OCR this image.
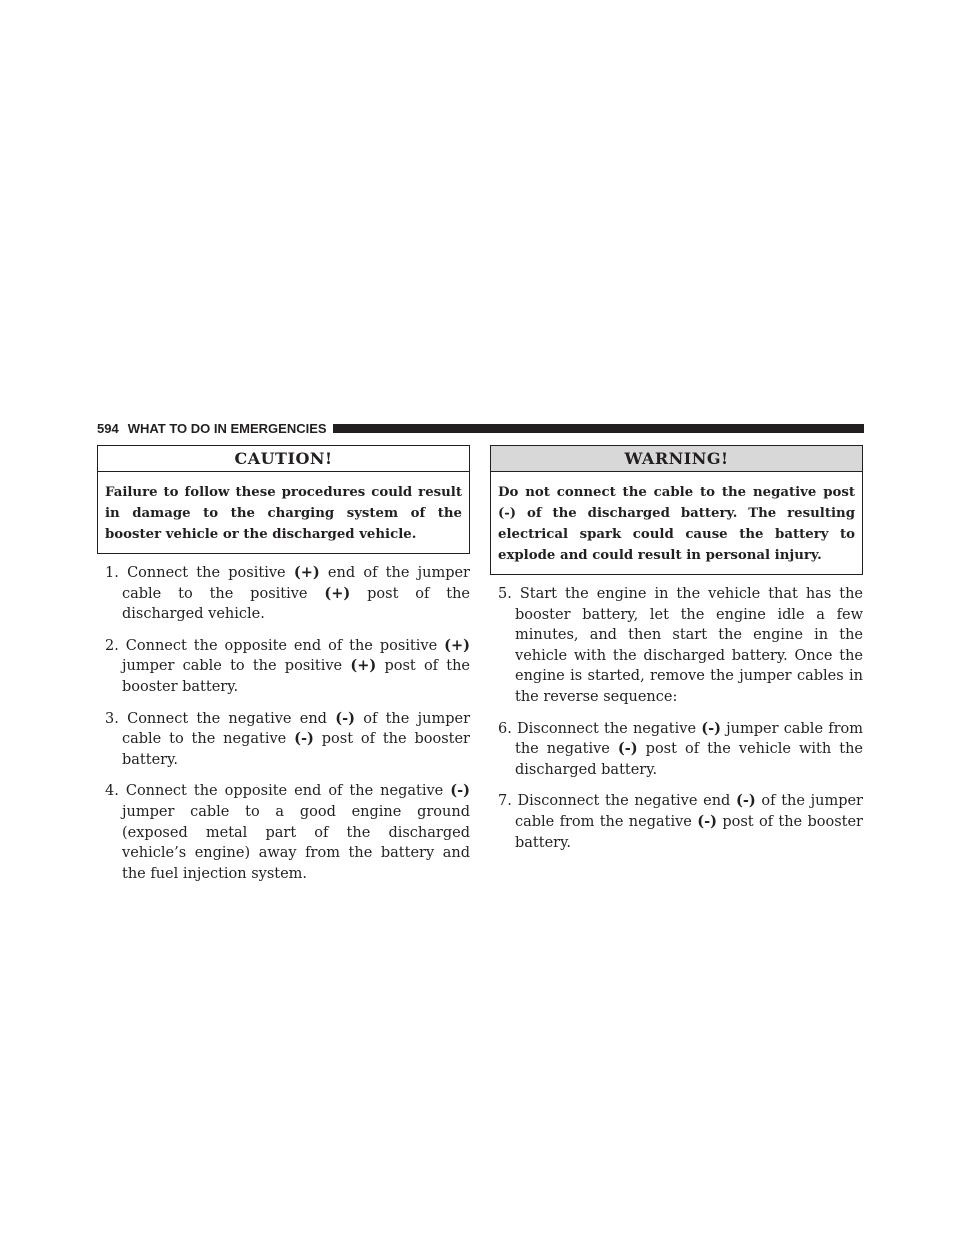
594 WHAT TO DO IN EMERGENCIES
CAUTION!
Failure to follow these procedures could result in damage to the charging system of the booster vehicle or the discharged vehicle.
1. Connect the positive (+) end of the jumper cable to the positive (+) post of the discharged vehicle.
2. Connect the opposite end of the positive (+) jumper cable to the positive (+) post of the booster battery.
3. Connect the negative end (-) of the jumper cable to the negative (-) post of the booster battery.
4. Connect the opposite end of the negative (-) jumper cable to a good engine ground (exposed metal part of the discharged vehicle’s engine) away from the battery and the fuel injection system.
WARNING!
Do not connect the cable to the negative post (-) of the discharged battery. The resulting electrical spark could cause the battery to explode and could result in personal injury.
5. Start the engine in the vehicle that has the booster battery, let the engine idle a few minutes, and then start the engine in the vehicle with the discharged battery. Once the engine is started, remove the jumper cables in the reverse sequence:
6. Disconnect the negative (-) jumper cable from the negative (-) post of the vehicle with the discharged battery.
7. Disconnect the negative end (-) of the jumper cable from the negative (-) post of the booster battery.
